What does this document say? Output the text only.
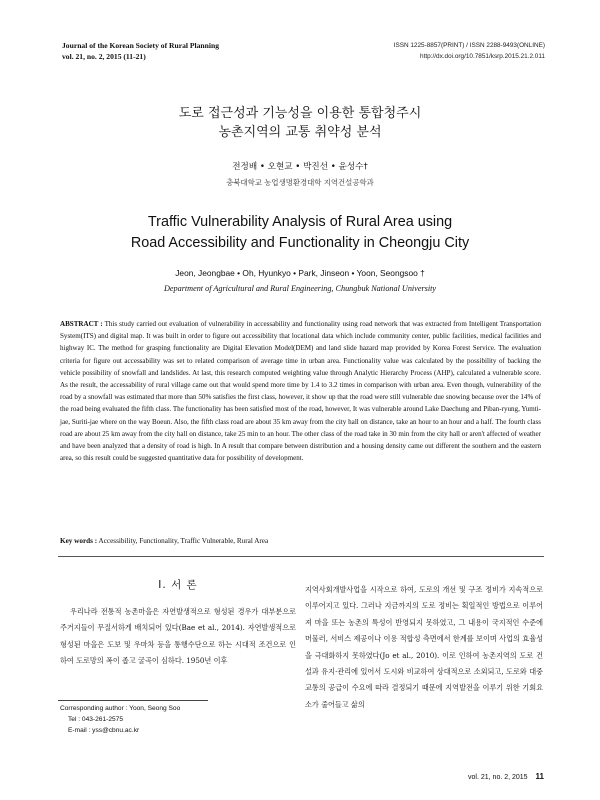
Journal of the Korean Society of Rural Planning
vol. 21, no. 2, 2015 (11-21)
ISSN 1225-8857(PRINT) / ISSN 2288-9493(ONLINE)
http://dx.doi.org/10.7851/ksrp.2015.21.2.011
도로 접근성과 기능성을 이용한 통합청주시
농촌지역의 교통 취약성 분석
전정배 • 오현교 • 박진선 • 윤성수†
충북대학교 농업생명환경대학 지역건설공학과
Traffic Vulnerability Analysis of Rural Area using
Road Accessibility and Functionality in Cheongju City
Jeon, Jeongbae • Oh, Hyunkyo • Park, Jinseon • Yoon, Seongsoo †
Department of Agricultural and Rural Engineering, Chungbuk National University
ABSTRACT : This study carried out evaluation of vulnerability in accessability and functionality using road network that was extracted from Intelligent Transportation System(ITS) and digital map. It was built in order to figure out accessibility that locational data which include community center, public facilities, medical facilities and highway IC. The method for grasping functionality are Digital Elevation Model(DEM) and land slide hazard map provided by Korea Forest Service. The evaluation criteria for figure out accessability was set to related comparison of average time in urban area. Functionality value was calculated by the possibility of backing the vehicle possibility of snowfall and landslides. At last, this research computed weighting value through Analytic Hierarchy Process (AHP), calculated a vulnerable score. As the result, the accessability of rural village came out that would spend more time by 1.4 to 3.2 times in comparison with urban area. Even though, vulnerability of the road by a snowfall was estimated that more than 50% satisfies the first class, however, it show up that the road were still vulnerable due snowing because over the 14% of the road being evaluated the fifth class. The functionality has been satisfied most of the road, however, It was vulnerable around Lake Daechung and Piban-ryung, Yumti-jae, Suriti-jae where on the way Boeun. Also, the fifth class road are about 35 km away from the city hall on distance, take an hour to an hour and a half. The fourth class road are about 25 km away from the city hall on distance, take 25 min to an hour. The other class of the road take in 30 min from the city hall or aren't affected of weather and have been analyzed that a density of road is high. In A result that compare between distribution and a housing density came out different the southern and the eastern area, so this result could be suggested quantitative data for possibility of development.
Key words : Accessibility, Functionality, Traffic Vulnerable, Rural Area
I. 서 론
우리나라 전통적 농촌마을은 자연발생적으로 형성된 경우가 대부분으로 주거지들이 무질서하게 배치되어 있다(Bae et al., 2014). 자연발생적으로 형성된 마을은 도보 및 우마차 등을 통행수단으로 하는 시대적 조건으로 인하여 도로망의 폭이 좁고 굴곡이 심하다. 1950년 이후
지역사회개발사업을 시작으로 하여, 도로의 개선 및 구조 정비가 지속적으로 이루어지고 있다. 그러나 지금까지의 도로 정비는 획일적인 방법으로 이루어져 마을 또는 농촌의 특성이 반영되지 못하였고, 그 내용이 국지적인 수준에 머물러, 서비스 제공이나 이용 적합성 측면에서 한계를 보이며 사업의 효율성을 극대화하지 못하였다(Jo et al., 2010). 이로 인하여 농촌지역의 도로 건설과 유지·관리에 있어서 도시와 비교하여 상대적으로 소외되고, 도로와 대중교통의 공급이 수요에 따라 결정되기 때문에 지역발전을 이루기 위한 기회요소가 줄어들고 삶의
Corresponding author : Yoon, Seong Soo
Tel : 043-261-2575
E-mail : yss@cbnu.ac.kr
vol. 21, no. 2, 2015 11
